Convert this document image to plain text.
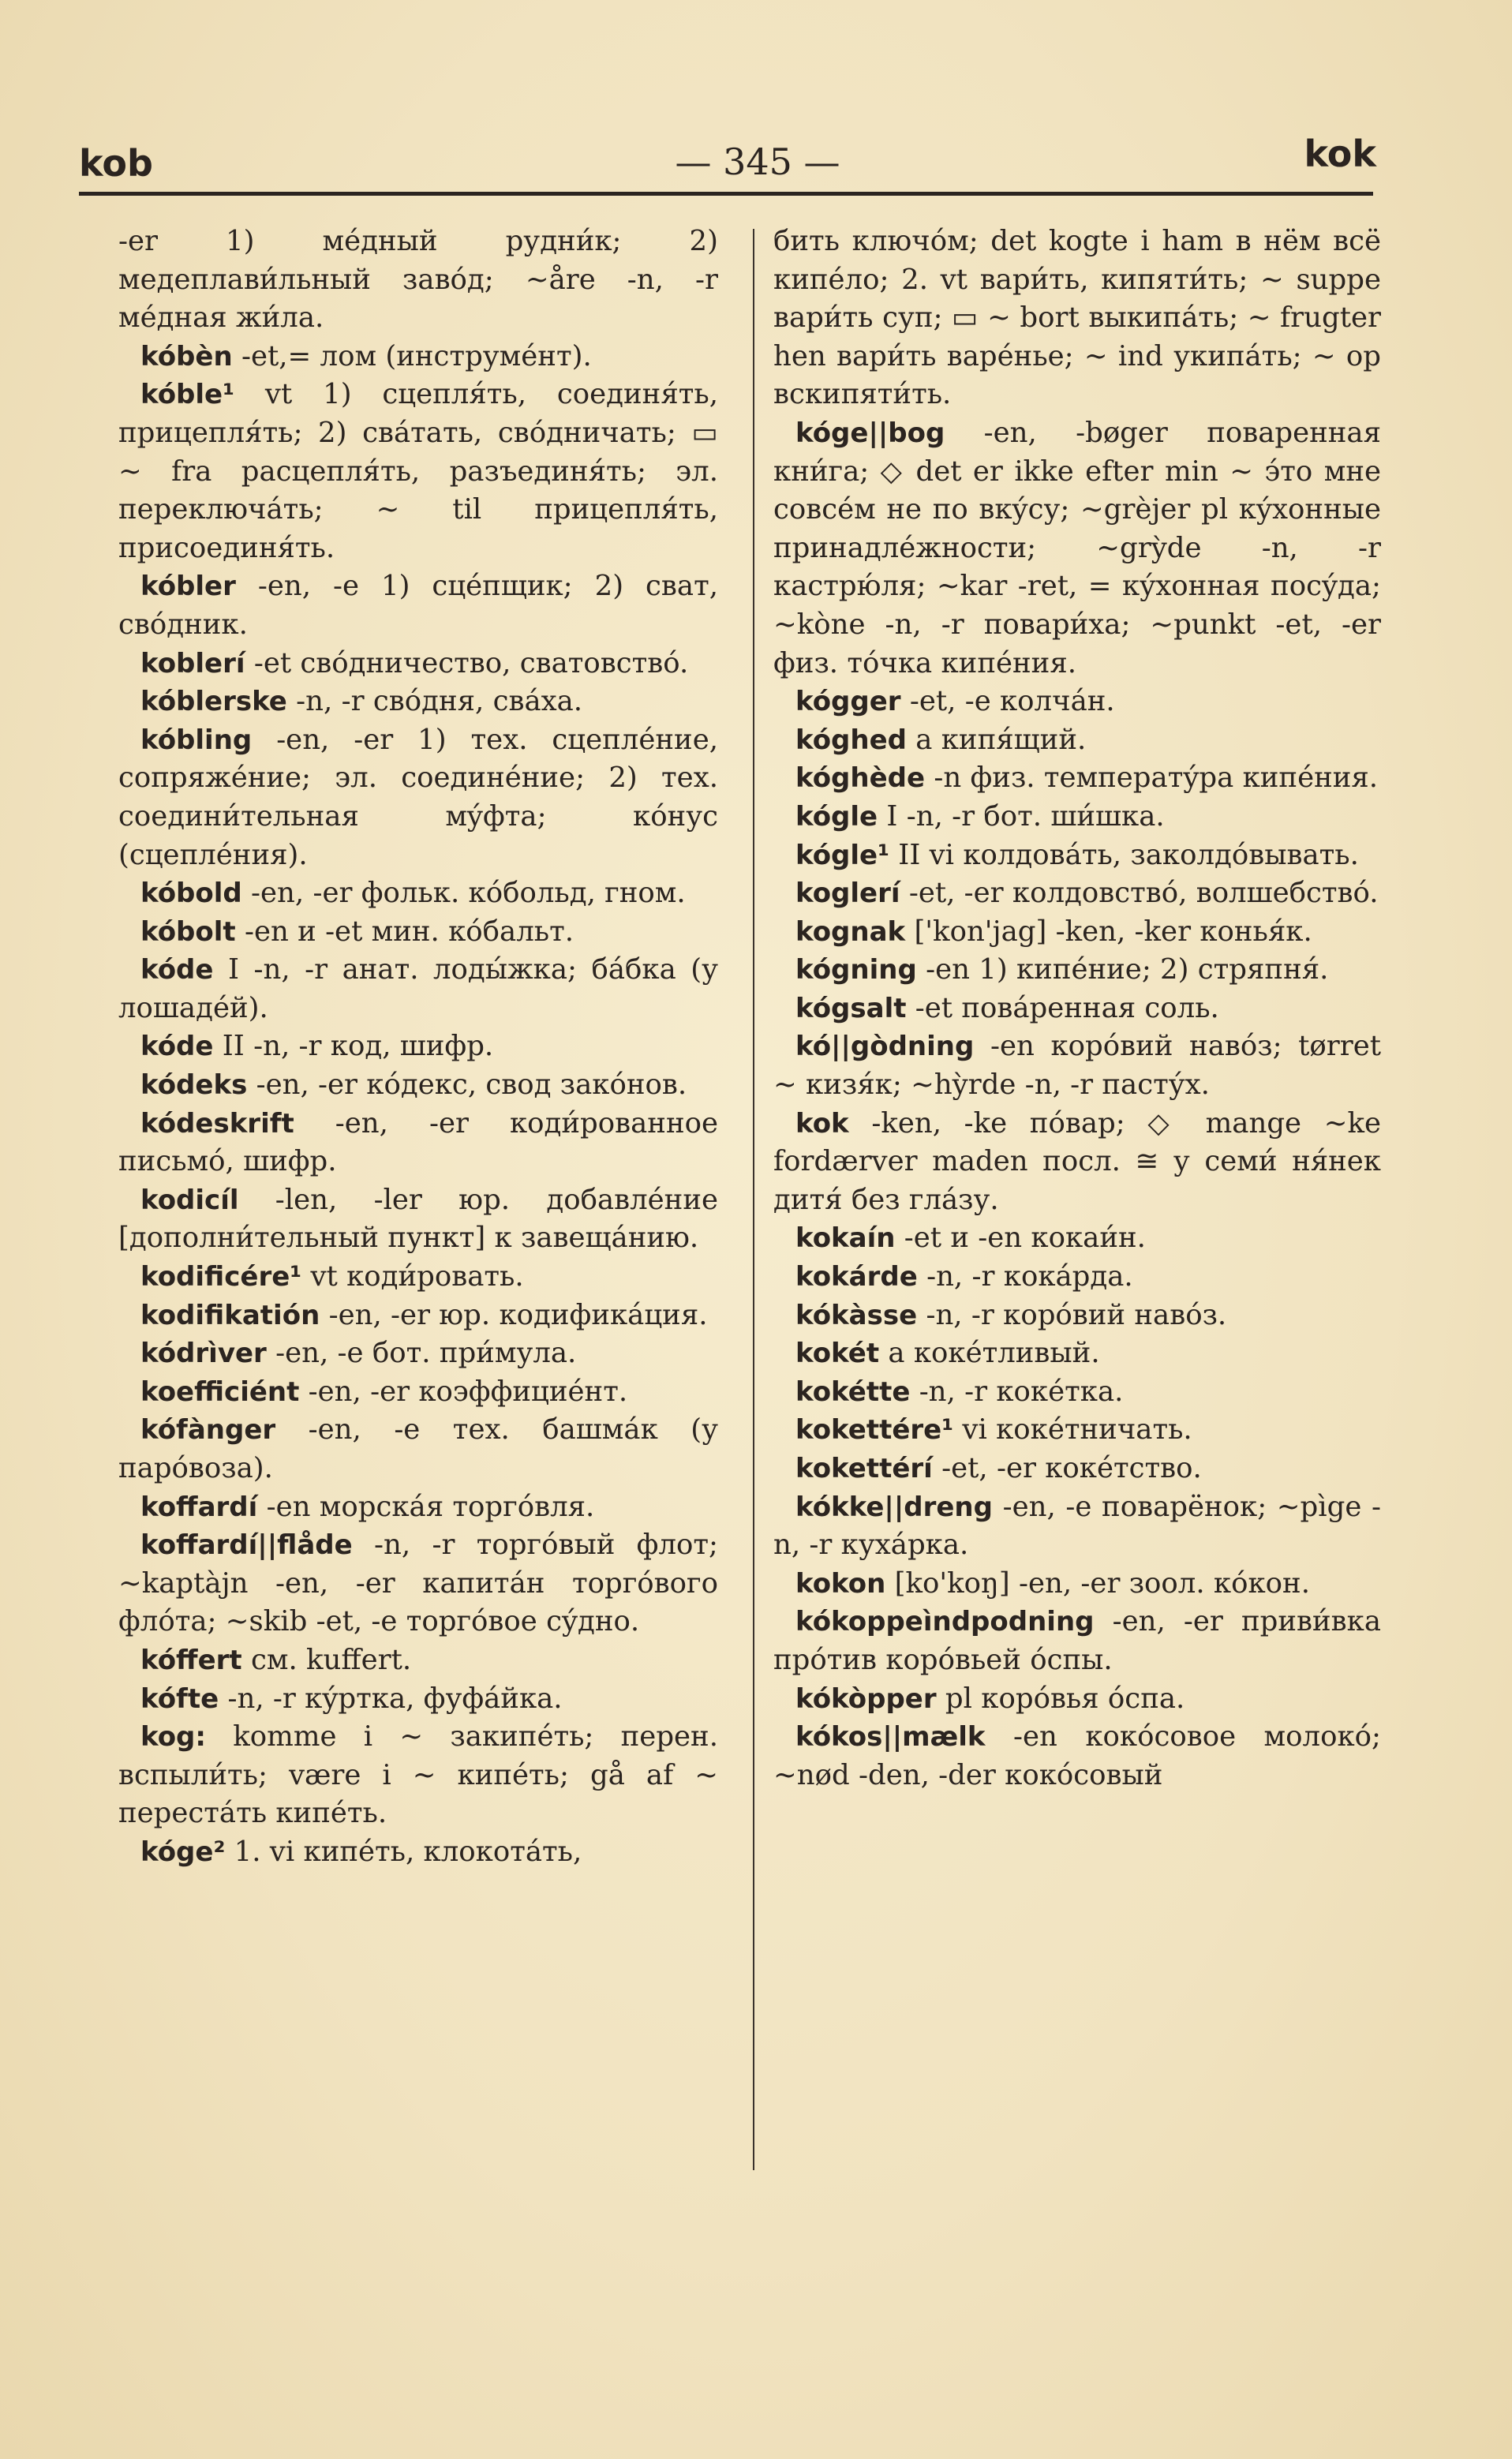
kob	— 345 —	kok

-er 1) мéдный рудни́к; 2) медеплави́льный завóд; ~åre -n, -r мéдная жи́ла.

kóbèn -et,= лом (инструмéнт).

kóble¹ vt 1) сцепля́ть, соединя́ть, прицепля́ть; 2) свáтать, свóдничать; ▭ ~ fra расцепля́ть, разъединя́ть; эл. переключáть; ~ til прицепля́ть, присоединя́ть.

kóbler -en, -e 1) сцéпщик; 2) сват, свóдник.

koblerí -et свóдничество, сватовствó.

kóblerske -n, -r свóдня, свáха.

kóbling -en, -er 1) тех. сцеплéние, сопряжéние; эл. соединéние; 2) тех. соедини́тельная мýфта; кóнус (сцеплéния).

kóbold -en, -er фольк. кóбольд, гном.

kóbolt -en и -et мин. кóбальт.

kóde I -n, -r анат. лоды́жка; бáбка (у лошадéй).

kóde II -n, -r код, шифр.

kódeks -en, -er кóдекс, свод закóнов.

kódeskrift -en, -er коди́рованное письмó, шифр.

kodicíl -len, -ler юр. добавлéние [дополни́тельный пункт] к завещáнию.

kodificére¹ vt коди́ровать.

kodifikatión -en, -er юр. кодификáция.

kódrìver -en, -e бот. при́мула.

koefficiént -en, -er коэффициéнт.

kófànger -en, -e тех. башмáк (у парóвоза).

koffardí -en морскáя торгóвля.

koffardí||flåde -n, -r торгóвый флот; ~kaptàjn -en, -er капитáн торгóвого флóта; ~skib -et, -e торгóвое сýдно.

kóffert см. kuffert.

kófte -n, -r кýртка, фуфáйка.

kog: komme i ~ закипéть; перен. вспыли́ть; være i ~ кипéть; gå af ~ перестáть кипéть.

kóge² 1. vi кипéть, клокотáть,

бить ключóм; det kogte i ham в нём всё кипéло; 2. vt вари́ть, кипяти́ть; ~ suppe вари́ть суп; ▭ ~ bort выкипáть; ~ frugter hen вари́ть варéнье; ~ ind укипáть; ~ op вскипяти́ть.

kóge||bog -en, -bøger поваренная кни́га; ◇ det er ikke efter min ~ э́то мне совсéм не по вкýсу; ~grèjer pl кýхонные принадлéжности; ~grỳde -n, -r кастрю́ля; ~kar -ret, = кýхонная посýда; ~kòne -n, -r повари́ха; ~punkt -et, -er физ. тóчка кипéния.

kógger -et, -e колчáн.

kóghed a кипя́щий.

kóghède -n физ. температýра кипéния.

kógle I -n, -r бот. ши́шка.

kógle¹ II vi колдовáть, заколдóвывать.

koglerí -et, -er колдовствó, волшебствó.

kognak ['kon'jag] -ken, -ker конья́к.

kógning -en 1) кипéние; 2) стряпня́.

kógsalt -et повáренная соль.

kó||gòdning -en корóвий навóз; tørret ~ кизя́к; ~hỳrde -n, -r пасту́х.

kok -ken, -ke пóвар; ◇ mange ~ke fordærver maden посл. ≅ у семи́ ня́нек дитя́ без глáзу.

kokaín -et и -en кокаи́н.

kokárde -n, -r кокáрда.

kókàsse -n, -r корóвий навóз.

kokét a кокéтливый.

kokétte -n, -r кокéтка.

kokettére¹ vi кокéтничать.

kokettérí -et, -er кокéтство.

kókke||dreng -en, -e поварёнок; ~pìge -n, -r кухáрка.

kokon [ko'koŋ] -en, -er зоол. кóкон.

kókoppeìndpodning -en, -er приви́вка прóтив корóвьей óспы.

kókòpper pl корóвья óспа.

kókos||mælk -en кокóсовое молокó; ~nød -den, -der кокóсовый
